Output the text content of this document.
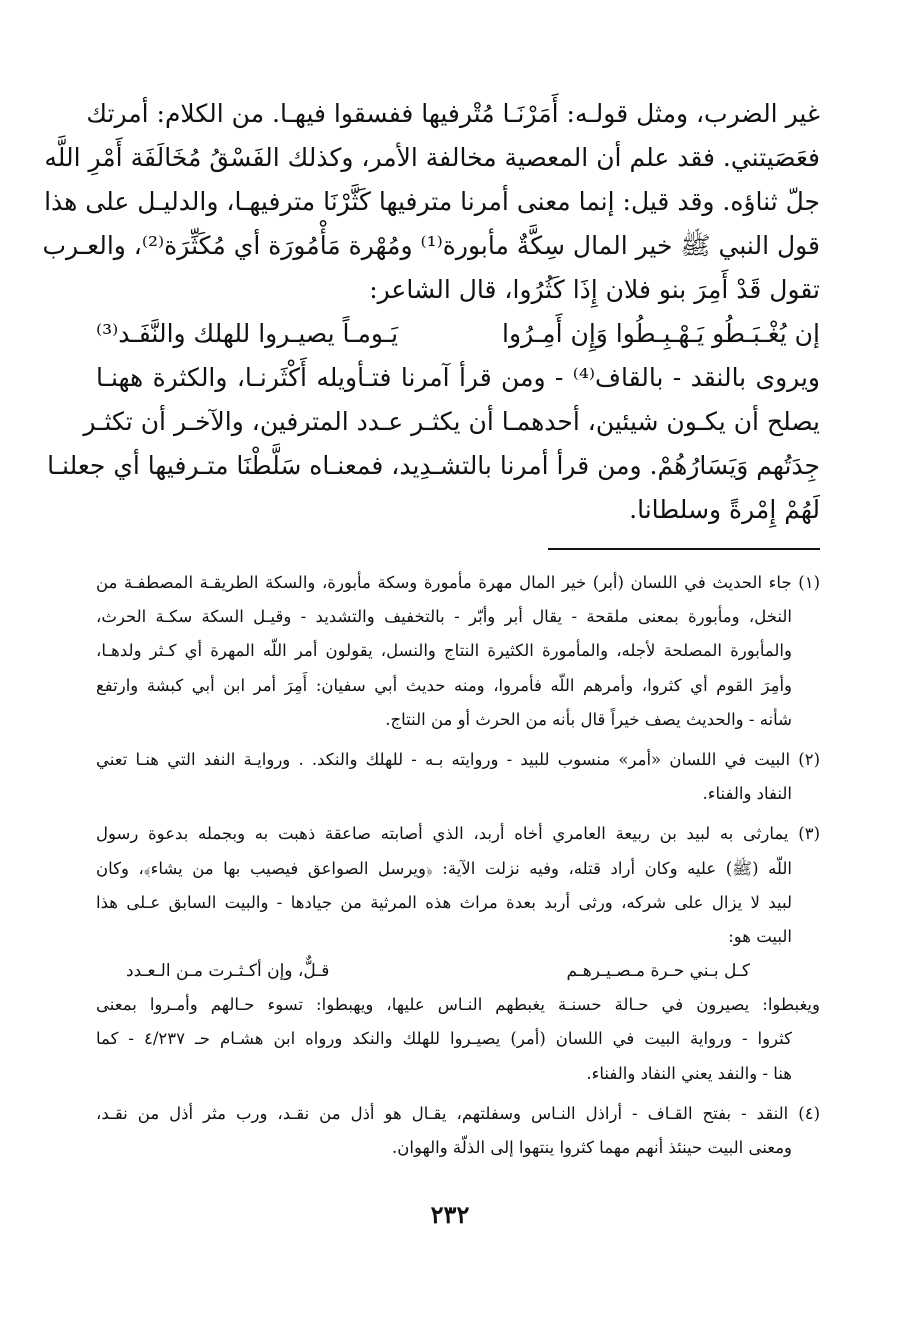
غير الضرب، ومثل قولـه: أَمَرْنَـا مُتْرفيها ففسقوا فيهـا. من الكلام: أمرتك
فعَصَيتني. فقد علم أن المعصية مخالفة الأمر، وكذلك الفَسْقُ مُخَالَفَة أَمْرِ اللَّه
جلّ ثناؤه. وقد قيل: إنما معنى أمرنا مترفيها كَثَّرْنَا مترفيهـا، والدليـل على هذا
قول النبي ﷺ خير المال سِكَّةٌ مأبورة⁽¹⁾ ومُهْرة مَأْمُورَة أي مُكَثِّرَة⁽²⁾، والعـرب
تقول قَدْ أَمِرَ بنو فلان إِذَا كَثُرُوا، قال الشاعر:
إن يُغْـبَـطُو يَـهْـبِـطُوا وَإِن أَمِـرُوا
يَـومـاً يصيـروا للهلك والنَّفَـد⁽³⁾
ويروى بالنقد - بالقاف⁽⁴⁾ - ومن قرأ آمرنا فتـأويله أَكْثَرنـا، والكثرة ههنـا
يصلح أن يكـون شيئين، أحدهمـا أن يكثـر عـدد المترفين، والآخـر أن تكثـر
جِدَتُهم وَيَسَارُهُمْ. ومن قرأ أمرنا بالتشـدِيد، فمعنـاه سَلَّطْنَا متـرفيها أي جعلنـا
لَهُمْ إِمْرةً وسلطانا.
(١) جاء الحديث في اللسان (أبر) خير المال مهرة مأمورة وسكة مأبورة، والسكة الطريقـة المصطفـة من
النخل، ومأبورة بمعنى ملقحة - يقال أبر وأبّر - بالتخفيف والتشديد - وقيـل السكة سكـة الحرث،
والمأبورة المصلحة لأجله، والمأمورة الكثيرة النتاج والنسل، يقولون أمر اللّه المهرة أي كـثر ولدهـا،
وأمِرَ القوم أي كثروا، وأمرهم اللّه فأمروا، ومنه حديث أبي سفيان: أَمِرَ أمر ابن أبي كبشة وارتفع
شأنه - والحديث يصف خيراً قال بأنه من الحرث أو من النتاج.
(٢) البيت في اللسان «أمر» منسوب للبيد - وروايته بـه - للهلك والنكد. . وروايـة النفد التي هنـا تعني
النفاد والفناء.
(٣) يمارثى به لبيد بن ربيعة العامري أخاه أربد، الذي أصابته صاعقة ذهبت به وبجمله بدعوة رسول
اللّه (ﷺ) عليه وكان أراد قتله، وفيه نزلت الآية: ﴿ويرسل الصواعق فيصيب بها من يشاء﴾، وكان
لبيد لا يزال على شركه، ورثى أربد بعدة مراث هذه المرثية من جيادها - والبيت السابق عـلى هذا
البيت هو:
كـل بـني حـرة مـصـيـرهـم
قـلٌّ، وإن أكـثـرت مـن الـعـدد
ويغبطوا: يصيرون في حـالة حسنـة يغبطهم النـاس عليها، ويهبطوا: تسوء حـالهم وأمـروا بمعنى
كثروا - ورواية البيت في اللسان (أمر) يصيـروا للهلك والنكد ورواه ابن هشـام حـ ٤/٢٣٧ - كما
هنا - والنفد يعني النفاد والفناء.
(٤) النقد - بفتح القـاف - أراذل النـاس وسفلتهم، يقـال هو أذل من نقـد، ورب مثر أذل من نقـد،
ومعنى البيت حينئذ أنهم مهما كثروا ينتهوا إلى الذلّة والهوان.
٢٣٢
